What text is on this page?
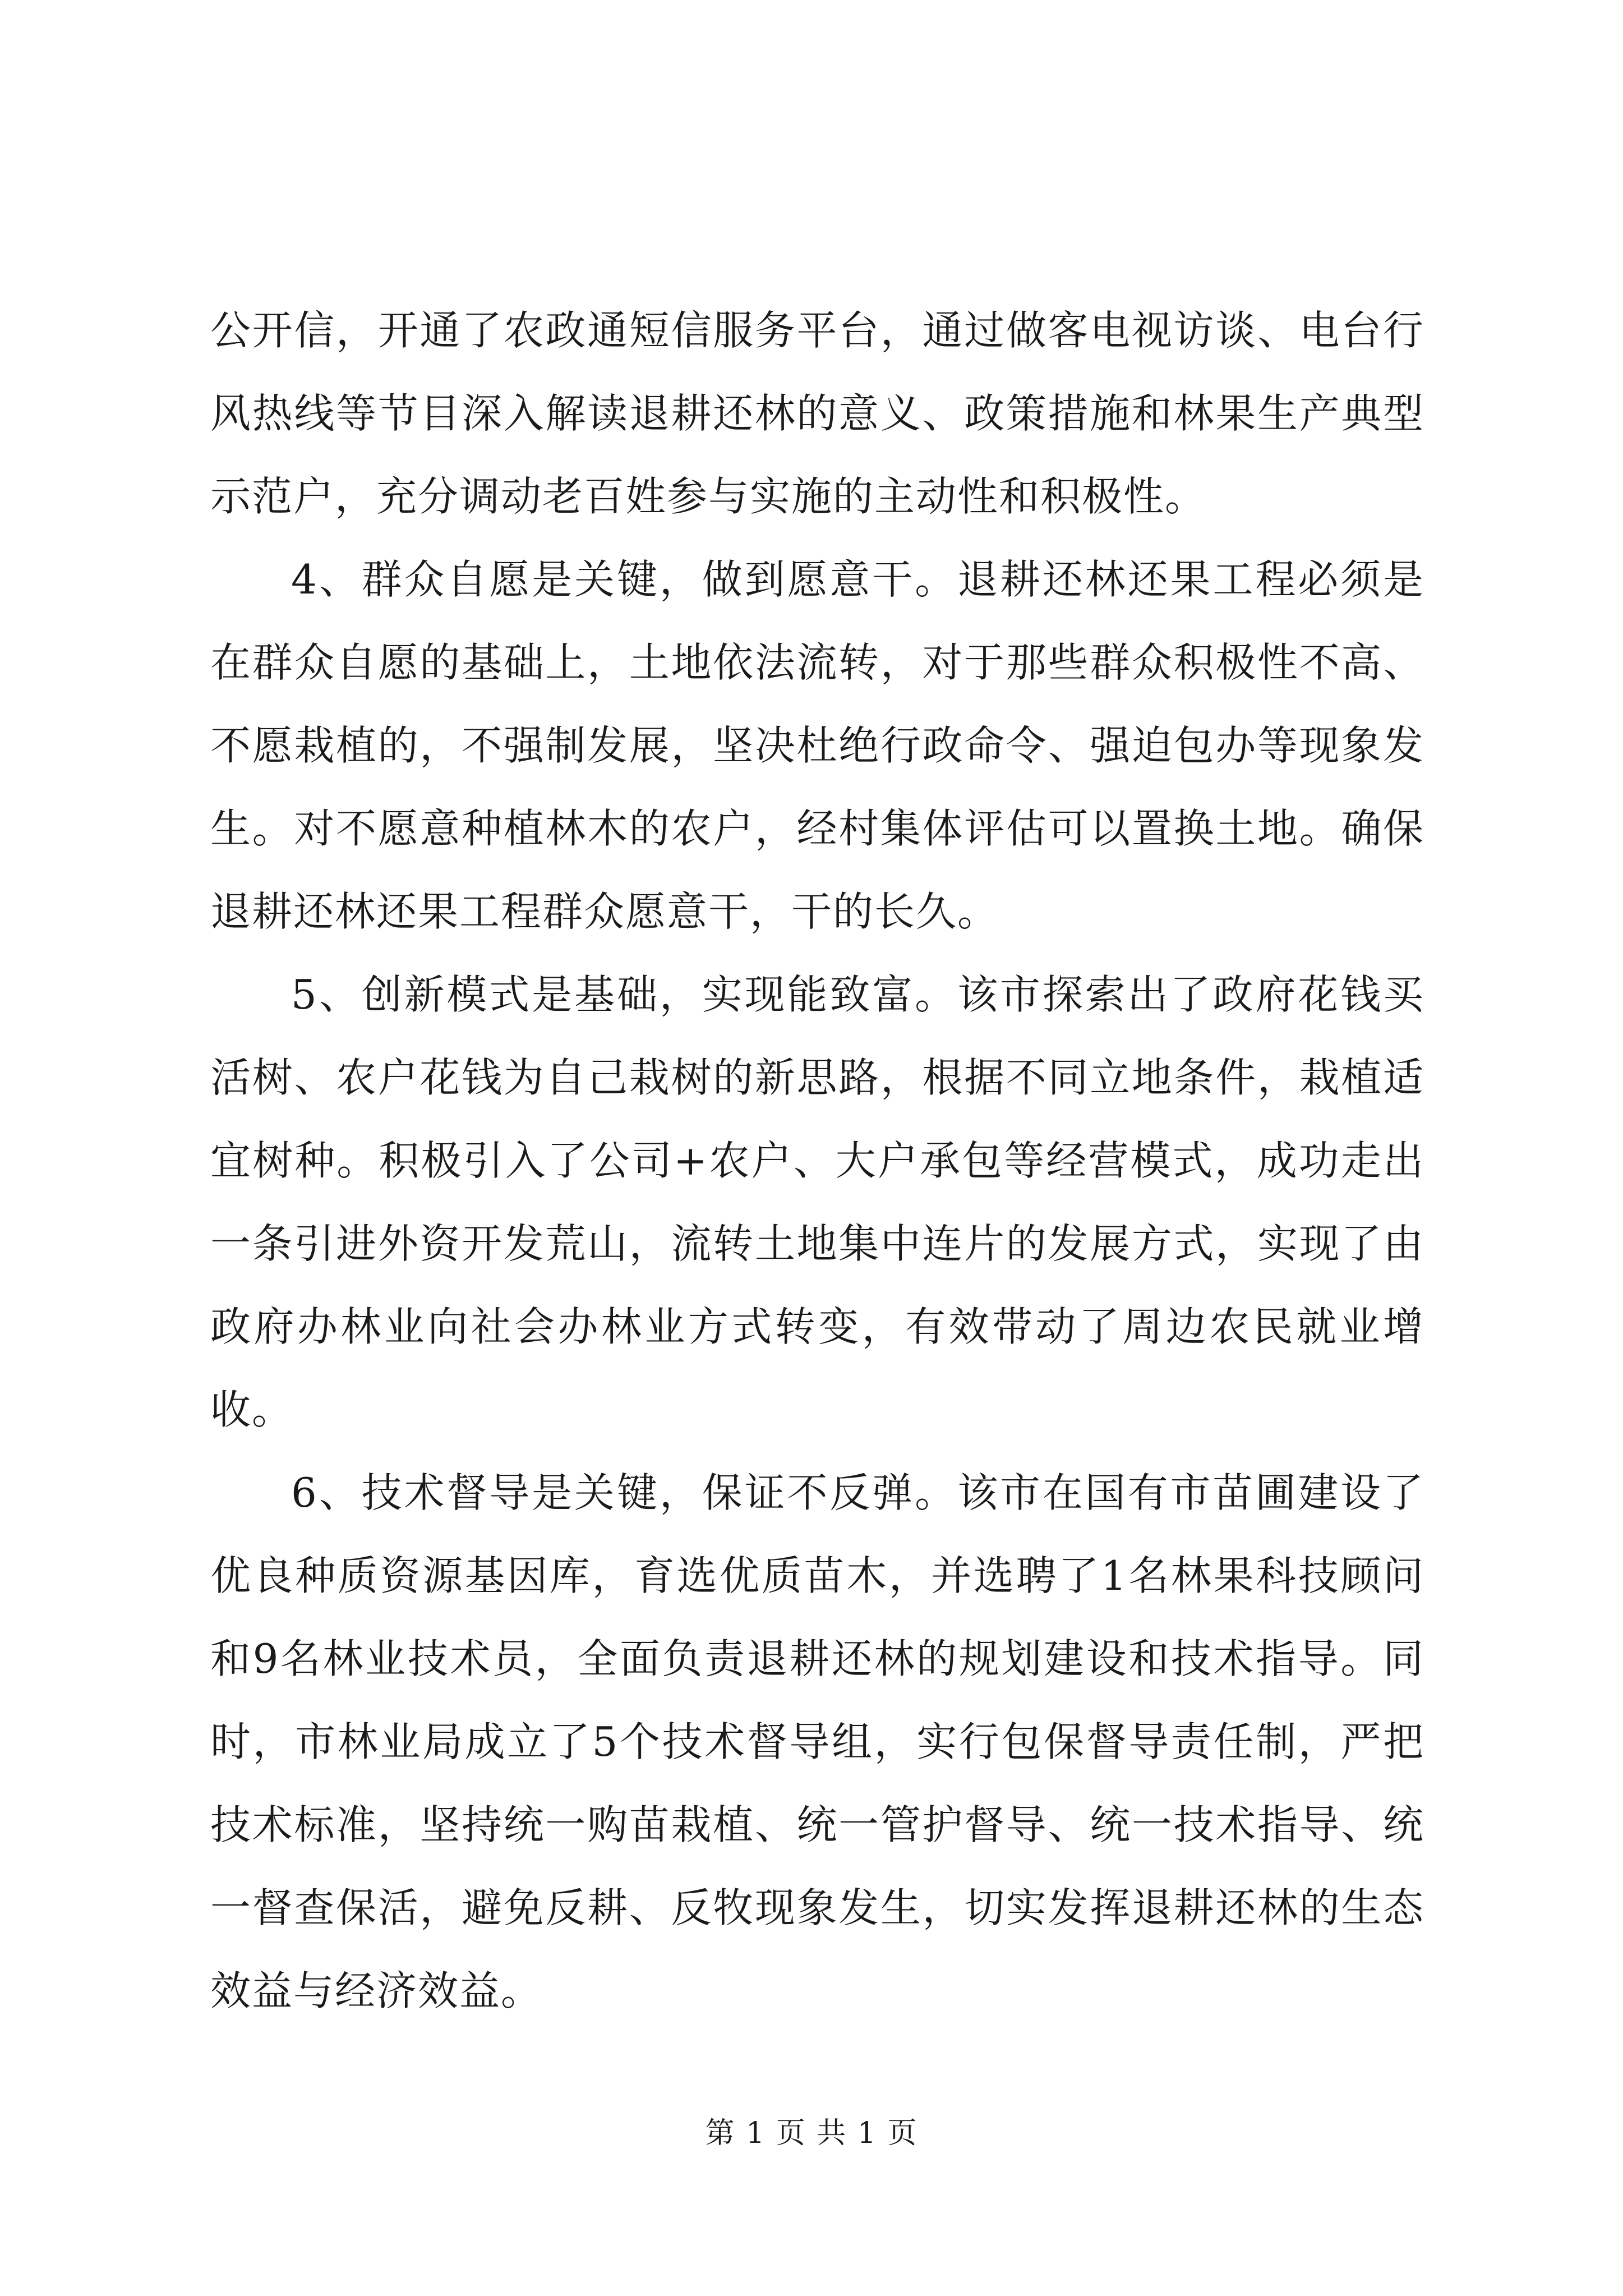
公开信，开通了农政通短信服务平台，通过做客电视访谈、电台行风热线等节目深入解读退耕还林的意义、政策措施和林果生产典型示范户，充分调动老百姓参与实施的主动性和积极性。

4、群众自愿是关键，做到愿意干。退耕还林还果工程必须是在群众自愿的基础上，土地依法流转，对于那些群众积极性不高、不愿栽植的，不强制发展，坚决杜绝行政命令、强迫包办等现象发生。对不愿意种植林木的农户，经村集体评估可以置换土地。确保退耕还林还果工程群众愿意干，干的长久。

5、创新模式是基础，实现能致富。该市探索出了政府花钱买活树、农户花钱为自己栽树的新思路，根据不同立地条件，栽植适宜树种。积极引入了公司+农户、大户承包等经营模式，成功走出一条引进外资开发荒山，流转土地集中连片的发展方式，实现了由政府办林业向社会办林业方式转变，有效带动了周边农民就业增收。

6、技术督导是关键，保证不反弹。该市在国有市苗圃建设了优良种质资源基因库，育选优质苗木，并选聘了1名林果科技顾问和9名林业技术员，全面负责退耕还林的规划建设和技术指导。同时，市林业局成立了5个技术督导组，实行包保督导责任制，严把技术标准，坚持统一购苗栽植、统一管护督导、统一技术指导、统一督查保活，避免反耕、反牧现象发生，切实发挥退耕还林的生态效益与经济效益。

第 1 页 共 1 页
